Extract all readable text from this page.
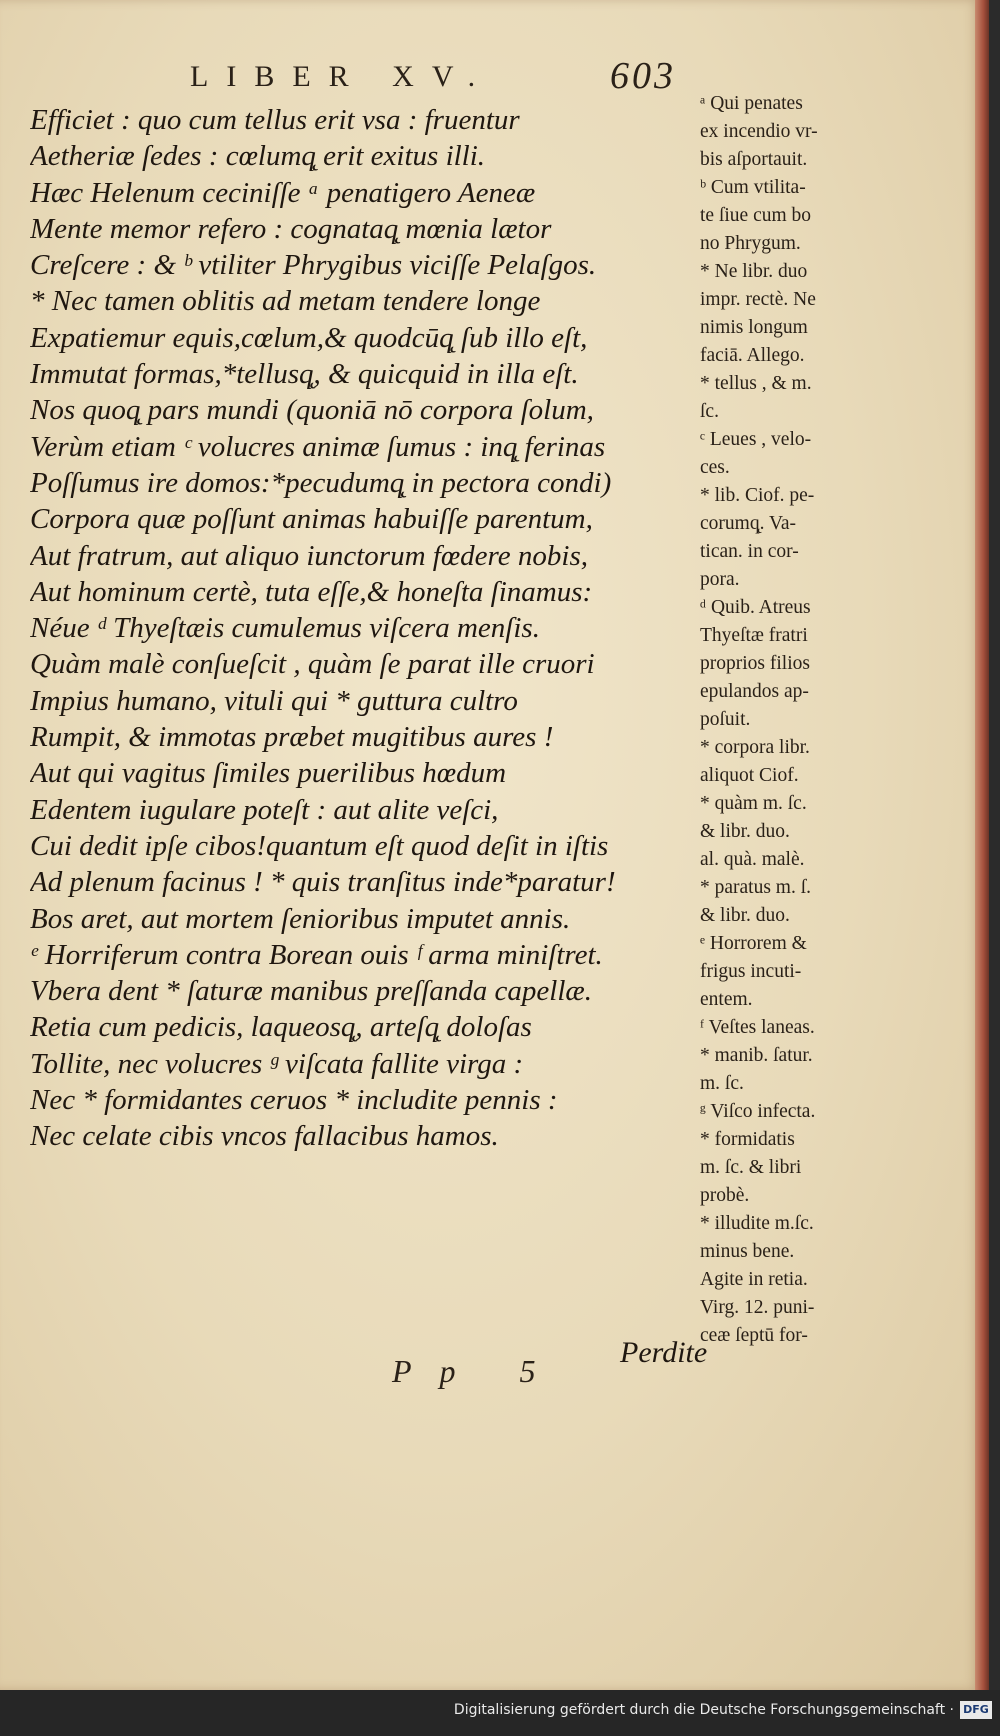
LIBER XV.	603
Efficiet : quo cum tellus erit vsa : fruentur
Aetheriæ ſedes : cœlumq̨ erit exitus illi.
Hæc Helenum ceciniſſe ᵃ penatigero Aeneæ
Mente memor refero : cognataq̨ mœnia lætor
Creſcere : & ᵇ vtiliter Phrygibus viciſſe Pelaſgos.
* Nec tamen oblitis ad metam tendere longe
Expatiemur equis,cœlum,& quodcūq̨ ſub illo eſt,
Immutat formas,*tellusq̨, & quicquid in illa eſt.
Nos quoq̨ pars mundi (quoniā nō corpora ſolum,
Verùm etiam ᶜ volucres animæ ſumus : inq̨ ferinas
Poſſumus ire domos:*pecudumq̨ in pectora condi)
Corpora quæ poſſunt animas habuiſſe parentum,
Aut fratrum, aut aliquo iunctorum fœdere nobis,
Aut hominum certè, tuta eſſe,& honeſta ſinamus:
Néue ᵈ Thyeſtæis cumulemus viſcera menſis.
Quàm malè conſueſcit , quàm ſe parat ille cruori
Impius humano, vituli qui * guttura cultro
Rumpit, & immotas præbet mugitibus aures !
Aut qui vagitus ſimiles puerilibus hœdum
Edentem iugulare poteſt : aut alite veſci,
Cui dedit ipſe cibos!quantum eſt quod deſit in iſtis
Ad plenum facinus ! * quis tranſitus inde*paratur!
Bos aret, aut mortem ſenioribus imputet annis.
ᵉ Horriferum contra Borean ouis ᶠ arma miniſtret.
Vbera dent * ſaturæ manibus preſſanda capellæ.
Retia cum pedicis, laqueosq̨, arteſq̨ doloſas
Tollite, nec volucres ᵍ viſcata fallite virga :
Nec * formidantes ceruos * includite pennis :
Nec celate cibis vncos fallacibus hamos.
ᵃ Qui penates
ex incendio vr-
bis aſportauit.
ᵇ Cum vtilita-
te ſiue cum bo
no Phrygum.
* Ne libr. duo
impr. rectè. Ne
nimis longum
faciā. Allego.
* tellus , & m.
ſc.
ᶜ Leues , velo-
ces.
* lib. Ciof. pe-
corumq̨. Va-
tican. in cor-
pora.
ᵈ Quib. Atreus
Thyeſtæ fratri
proprios filios
epulandos ap-
poſuit.
* corpora libr.
aliquot Ciof.
* quàm m. ſc.
& libr. duo.
al. quà. malè.
* paratus m. ſ.
& libr. duo.
ᵉ Horrorem &
frigus incuti-
entem.
ᶠ Veſtes laneas.
* manib. ſatur.
m. ſc.
ᵍ Viſco infecta.
* formidatis
m. ſc. & libri
probè.
* illudite m.ſc.
minus bene.
Agite in retia.
Virg. 12. puni-
ceæ ſeptū for-
Pp 5
Perdite
Digitalisierung gefördert durch die Deutsche Forschungsgemeinschaft · DFG
